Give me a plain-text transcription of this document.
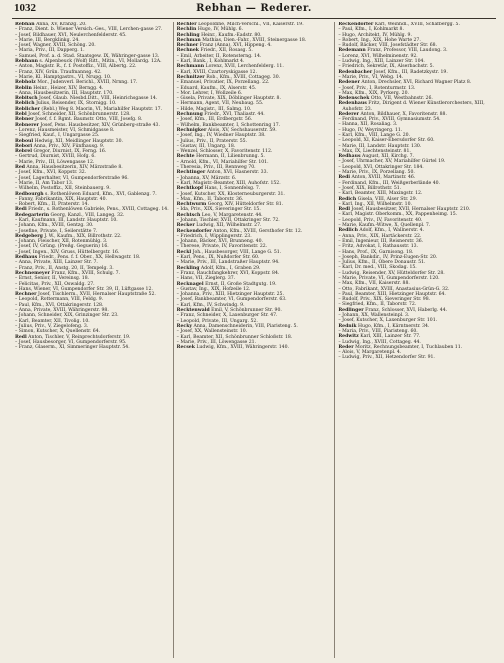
1032	Rebhan — Rederer.
Rebhan Anna, XV, Kranzg. 20.
– Franz, Dient. b. Wiener Versich.-Ges., VIII, Lerchen-gasse 27.
– Josef, Bildhauer, XVI, Neulerchenfelderstr. 45.
– Marie, III, Bergklinkg. 24.
– Josef, Wagner, XVIII, Schöng. 20.
– Maria, Priv., III, Dapperg. 1.
– Samuel, Prof. a. d. Stad. Staatsgew. IX, Währinger-gasse 13.
Rebhann s. Alpenbeuck (Wolf) Ritt., Mitin., VI, Mollardg. 12A.
– Anton, Magistr. R., f. f. Postoffiz., VIII, Albertg. 22.
– Franz, XIV, Grün. Traufmannsg. 42.
– Marie, Kl. Hamptgastrs., VI, Nrupg. 10.
Rebholz Mor., Judenverl. Berichl., XVIII, Nrnng. 17.
Reblin Heinr., Heizer, XIV, Berngg. 4.
– Anna, Hausbesitzerin, III, Hauptstr. 170.
Rebitsch Josef, Glaub. Niesbd.Ditt., VIII, Heinrichsgasse 14.
Reblich Julius, Reisender, IX, Stornigg. 10.
Reblicher (Rebl.) Weg 8. Maorin, VI, Mariahilfer Hauptstr. 17.
Rebl Josef, Schneider, XII, Schönbrunnerstr. 128.
Rebner Josef, f. f. Rgmt. Baumstr. Otto, VIII, Josefg. 8.
Rebnerer Josef, Pens. Hausbesitzer, XIV, Grünberg-straße 43.
– Lorenz, Hausmeister, VI, Schmidgasse 8.
– Siegfried, Kauf., I, Ungargasse 25.
Reboul Hedwig, XII, Meidlinger Hauptstr. 30.
Rebori Anna, Priv., XIV, Fünfhausg. 9.
Rebrel Gregor, Diurnist, IX, Ferng. 16.
– Gertrud, Diurnist, XVIII, Hofg. 6.
– Marie, Priv., III, Löwengasse 12.
Red Anna, Hausbesitzerin, XIV, Märzstraße 8.
– Josef, Kfm., XVI, Koppstr. 32.
– Josef, Lagerhalter, VI, Gumpendorferstraße 96.
– Marie, II, Am Tabor 13.
– Wilhelm, Postoffiz., XII, Steinbauerg. 9.
Redbourgh s. Rothenlöwen Eduard, Kfm., XVI, Gablenzg. 7.
– Fanny, Fabrikantin, XIX, Hauptstr. 40.
– Robert, Kfm., II, Praterstr. 14.
Redi Friedr., s. Rothenlöwen Gabriele, Pens., XVIII, Cottageg. 14.
Redegarterin Georg, Kanzl., VIII, Langeg. 32.
– Karl, Kaufmann, III, Landstr. Hauptstr. 10.
– Johann, Kfm., XVIII, Gentzg. 30.
– Josefine, Private, I, Seilerstätte 7.
Redgeberg J. W., Kaufm., XIX, Billrothstr. 22.
– Johann, Fleischer, XII, Rotenmühlg. 3.
– Josef, IV, Grüng. (Preßg. Geguerin) 16.
– Josef, Ingen., XIV, Gruss, Hüttelbergstr. 16.
Redhaus Friedr., Pens. f. f. Ober., XX, Hellwagstr. 18.
– Anna, Private, XIII, Lainzer Str. 7.
– Franz, Priv., II, Anstg. 20, II, Tempelg. 3.
Rechnemeyer Franz, Kfm., XVIII, Schulg. 7.
– Ernst, Senior, II, Vereinsg. 18.
– Felicitas, Priv., XII, Oswaldg. 27.
– Hans, Wiener, VI, Gumpendorfer Str. 39, II, Lüftgasse 12.
Rechner Josef, Tischlerm., XVII, Hernalser Hauptstraße 52.
– Leopold, Rottermann, VIII, Feldg. 9.
– Paul, Kfm., XVI, Ottakringerstr. 128.
– Anna, Private, XVIII, Währingerstr. 98.
– Johann, Schneider, XIX, Grinzinger Str. 23.
– Karl, Beamter, XII, Tivolig. 10.
– Julius, Priv., V, Ziegelofeng. 3.
– Simon, Kutscher, X, Quellenstr. 64.
Redl Anton, Tischler, V, Reinprechtsdorferstr. 19.
– Josef, Hausbesorger, VI, Gumpendorferstr. 95.
– Franz, Glaserm., XI, Simmeringer Hauptstr. 54.
Rechler Leopoldine, Milch-Verschl., VII, Kaiserstr. 19.
Rechlin Hugo, IV, Mühlg. 6.
Rechling Heinr., Kaufm.-Eadstr. 80.
Rechman Mathias, Dien.-Fahr., XVIII, Steinergasse 18.
Rechner Franz (Anna), XVI, Hippeng. 4.
Rechnek Friedr., XII, Rosasg. 5.
– Emil, Arbeiter, II, Rotensterng. 14.
– Karl, Bank., I, Kohlmarkt 4.
Rechmann Lorenz, XVII, Lerchenfelderg. 11.
– Karl, XVIII, Czartoryskigasse 12.
Rechnitzer Rob., Kfm., XVIII, Cottageg. 30.
– Emanuel, Privatier, IX, Porzellang. 22.
– Eduard, Kaufm., IX, Alserstr. 45.
– Mor. Lehrer, I, Wollzeile 6.
– Gisela, Private, XIX, Döblinger Hauptstr. 8.
– Hermann, Agent, VII, Neubaug. 55.
– Hilde, Magistr., III, Salmg. 10.
Rechnung Friedr., XVI, Thaliastr. 44.
– Josef, Kfm., III, Erdbergstr. 56.
– Wilhelm, Bankbeamter, I, Schottenring 17.
Rechnigker Alois, XV, Sechshauserstr. 59.
– Josef, Ing., IV, Wiedner Hauptstr. 38.
– Julius, Priv., II, Praterstr. 55.
– Gustav, III, Ungarg. 18.
– Wenzel, Schlosser, X, Favoritenstr. 112.
Rechte Hermann, II, Lilienbrunng. 5.
– Arnold, Kfm., VI, Mariahilfer Str. 101.
– Theresia, Priv., III, Rennweg 70.
Rechtinger Anton, XVI, Hasnerstr. 33.
– Johanna, XV, Märzstr. 6.
– Karl, Magistr.-Beamter, XIII, Auhofstr. 152.
Rechtkopf Hans, I, Sonnenfelsg. 7.
– Josef, Kutscher, XX, Klosterneuburgerstr. 31.
– Max, Kfm., II, Taborstr. 36.
Rechtwurm Georg, XIV, Hütteldorfer Str. 81.
– Ida, Priv., XIX, Sieveringer Str. 15.
Rechtsch Leo, V, Margaretenstr. 44.
– Johann, Tischler, XVII, Ottakringer Str. 72.
Recker Ludwig, XII, Wilhelmstr. 27.
Reckendorfer Anton, Kfm., XVIII, Gersthofer Str. 12.
– Friedrich, I, Wipplingerstr. 23.
– Johann, Bäcker, XVI, Brunneng. 40.
– Therese, Private, IV, Favoritenstr. 22.
Reckl Joh., Hausbesorger, VIII, Lange G. 51.
– Karl, Pens., IX, Nußdorfer Str. 60.
– Marie, Priv., III, Landstraßer Hauptstr. 94.
Reckling Adolf, Kfm., I, Graben 29.
– Franz, Rauchfangkehrer, XVI, Koppstr. 84.
– Hans, VII, Zieglerg. 37.
Recknagel Ernst, II, Große Stadtgutg. 19.
– Gustav, Ing., XIX, Hofzeile 12.
– Johanna, Priv., XIII, Hietzinger Hauptstr. 25.
– Josef, Bankbeamter, VI, Gumpendorferstr. 63.
– Karl, Kfm., IV, Schwindg. 9.
Recktenwald Emil, V, Schönbrunner Str. 90.
– Franz, Schneider, X, Laxenburger Str. 47.
– Leopold, Private, III, Ungarg. 52.
Recky Anna, Damenschneiderin, VIII, Piaristeng. 5.
– Josef, XX, Wallensteinstr. 10.
– Karl, Beamter, XII, Schönbrunner Schloßstr. 18.
– Marie, Priv., III, Löwengasse 21.
Recsek Ludwig, Kfm., XVIII, Währingerstr. 140.
Reckendorfer Karl, Weinhdl., XVIII, Schafbergg. 5.
– Paul, Kfm., I, Kohlmarkt 8.
– Hugo, Architekt, IV, Mühlg. 9.
– Robert, Ing., XIX, Hohe Warte 27.
– Rudolf, Bäcker, VIII, Josefstädter Str. 68.
Redemann Franz, Professor, VIII, Laudong. 3.
– Lorenz, XVI, Wilhelminenstr. 92.
– Ludwig, Ing., XIII, Lainzer Str. 104.
– Friedrich, Sekretär, IX, Alserbachstr. 5.
Redenbacher Josef, Kfm., III, Radetzkystr. 19.
– Marie, Priv., VI, Webg. 14.
Redener Anton, Drechsler, XVI, Richard Wagner Platz 8.
– Josef, Priv., I, Rotenturmstr. 13.
– Max, Kfm., XIX, Pyrkerg. 20.
Redenschek Otto, VII, Westbahnstr. 26.
Redenhaus Fritz, Dirigent d. Wiener Künstlerorchesters, XIII, Auhofstr. 23.
Rederer Anton, Bildhauer, X, Favoritenstr. 88.
– Ferdinand, Priv., XVIII, Gymnasiumstr. 54.
– Hanna, XII, Rosaliag. 3.
– Hugo, IV, Weyringerg. 11.
– Karl, Kfm., VIII, Lange G. 20.
– Leopold, XI, Kaiser-Ebersdorfer Str. 60.
– Marie, III, Landstr. Hauptstr. 130.
– Max, IX, Liechtensteinstr. 81.
Redhaus August, XII, Kirchg. 7.
– Josef, Uhrmacher, XV, Mariahilfer Gürtel 19.
– Leopold, XVI, Ottakringer Str. 184.
– Marie, Priv., IX, Porzellang. 50.
Redi Anton, XVIII, Martinstr. 46.
– Ferdinand, Kfm., III, Weißgerberlände 40.
– Josef, XIX, Billrothstr. 51.
– Karl, Beamter, XIII, Maxingstr. 12.
Redich Gisela, VIII, Alser Str. 29.
– Karl, Ing., XII, Wilhelmstr. 10.
Redl Josef, Hausbesitzer, XVII, Hernalser Hauptstr. 210.
– Karl, Magistr. Oberkomm., XX, Pappenheimg. 15.
– Leopold, Priv., IV, Favoritenstr. 40.
– Marie, Kaufm.-Witwe, X, Quellenpl. 7.
Redlich Adolf, Kfm., I, Wallnerstr. 4.
– Anna, Priv., XIX, Hartäckerstr. 22.
– Emil, Ingenieur, III, Reisnerstr. 36.
– Fritz, Advokat, I, Rathausstr. 13.
– Hans, Prof., IX, Garnisong. 18.
– Joseph, Bankdir., IV, Prinz-Eugen-Str. 20.
– Julius, Kfm., II, Obere Donaustr. 51.
– Karl, Dr. med., VIII, Skodag. 15.
– Ludwig, Reisender, XV, Hütteldorfer Str. 28.
– Marie, Private, VI, Gumpendorferstr. 120.
– Max, Kfm., VII, Kaiserstr. 88.
– Otto, Fabrikant, XVIII, Anastasius-Grün-G. 32.
– Paul, Beamter, XIII, Hietzinger Hauptstr. 64.
– Rudolf, Priv., XIX, Sieveringer Str. 98.
– Siegfried, Kfm., II, Taborstr. 72.
Redlinger Franz, Schlosser, XVI, Haberlg. 44.
– Johann, XX, Wallensteinpl. 3.
– Josef, Kutscher, X, Laxenburger Str. 101.
Rednik Hugo, Kfm., I, Kärntnerstr. 34.
– Maria, Priv., VIII, Piaristeng. 60.
Redwitz Karl, XIII, Lainzer Str. 77.
– Ludwig, Ing., XVIII, Cottageg. 44.
Reder Moritz, Rechnungsbeamter, I, Tuchlauben 11.
– Alois, V, Margaretenpl. 4.
– Ludwig, Priv., XII, Hetzendorfer Str. 91.
